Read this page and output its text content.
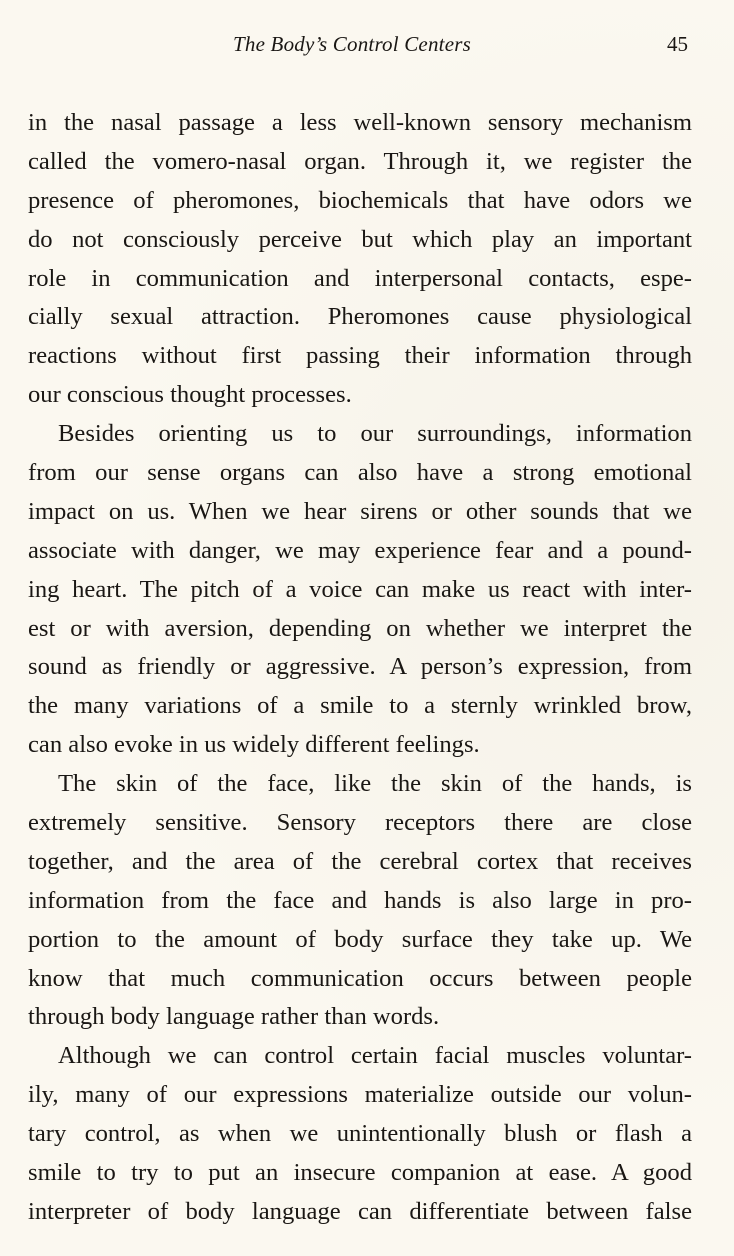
The Body’s Control Centers	45
in the nasal passage a less well-known sensory mechanism
called the vomero-nasal organ. Through it, we register the
presence of pheromones, biochemicals that have odors we
do not consciously perceive but which play an important
role in communication and interpersonal contacts, espe-
cially sexual attraction. Pheromones cause physiological
reactions without first passing their information through
our conscious thought processes.
Besides orienting us to our surroundings, information
from our sense organs can also have a strong emotional
impact on us. When we hear sirens or other sounds that we
associate with danger, we may experience fear and a pound-
ing heart. The pitch of a voice can make us react with inter-
est or with aversion, depending on whether we interpret the
sound as friendly or aggressive. A person’s expression, from
the many variations of a smile to a sternly wrinkled brow,
can also evoke in us widely different feelings.
The skin of the face, like the skin of the hands, is
extremely sensitive. Sensory receptors there are close
together, and the area of the cerebral cortex that receives
information from the face and hands is also large in pro-
portion to the amount of body surface they take up. We
know that much communication occurs between people
through body language rather than words.
Although we can control certain facial muscles voluntar-
ily, many of our expressions materialize outside our volun-
tary control, as when we unintentionally blush or flash a
smile to try to put an insecure companion at ease. A good
interpreter of body language can differentiate between false
